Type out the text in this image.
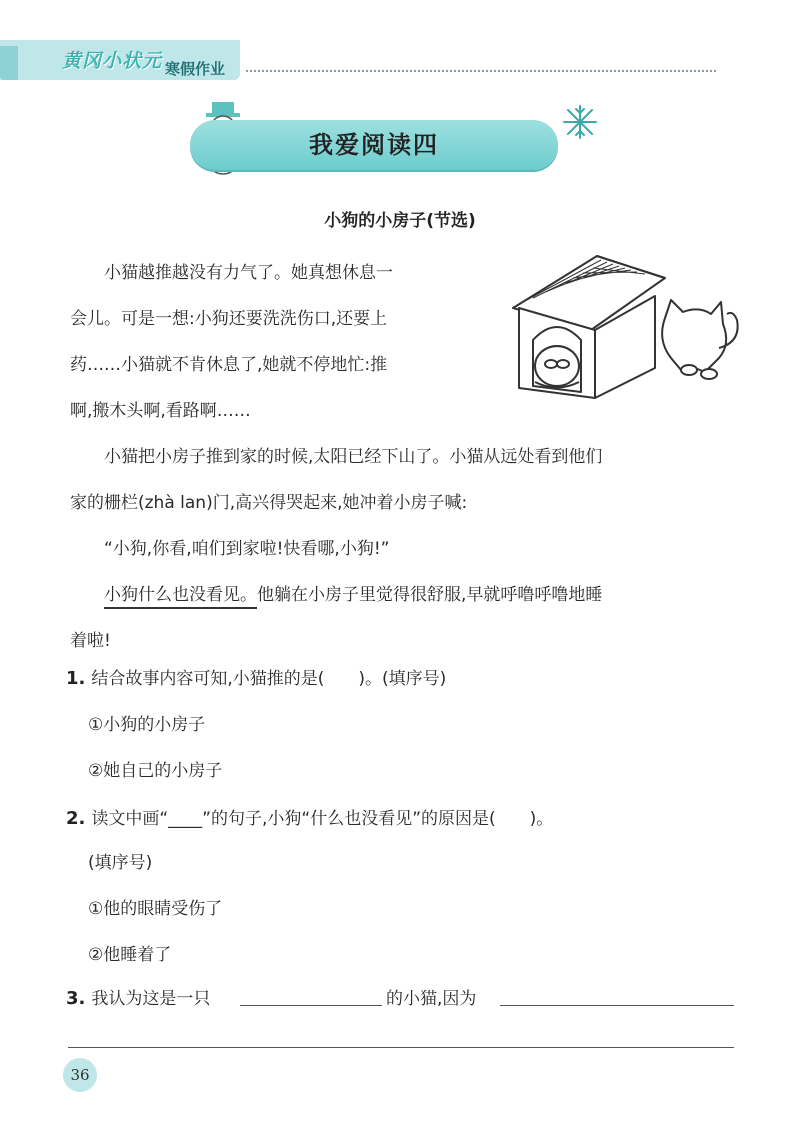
黄冈小状元 寒假作业
我爱阅读四
小狗的小房子(节选)
小猫越推越没有力气了。她真想休息一
会儿。可是一想:小狗还要洗洗伤口,还要上
药……小猫就不肯休息了,她就不停地忙:推
啊,搬木头啊,看路啊……
小猫把小房子推到家的时候,太阳已经下山了。小猫从远处看到他们
家的栅栏(zhà lan)门,高兴得哭起来,她冲着小房子喊:
“小狗,你看,咱们到家啦!快看哪,小狗!”
小狗什么也没看见。他躺在小房子里觉得很舒服,早就呼噜呼噜地睡
着啦!
1. 结合故事内容可知,小猫推的是(　　)。(填序号)
①小狗的小房子
②她自己的小房子
2. 读文中画“____”的句子,小狗“什么也没看见”的原因是(　　)。
(填序号)
①他的眼睛受伤了
②他睡着了
3. 我认为这是一只	的小猫,因为
36
